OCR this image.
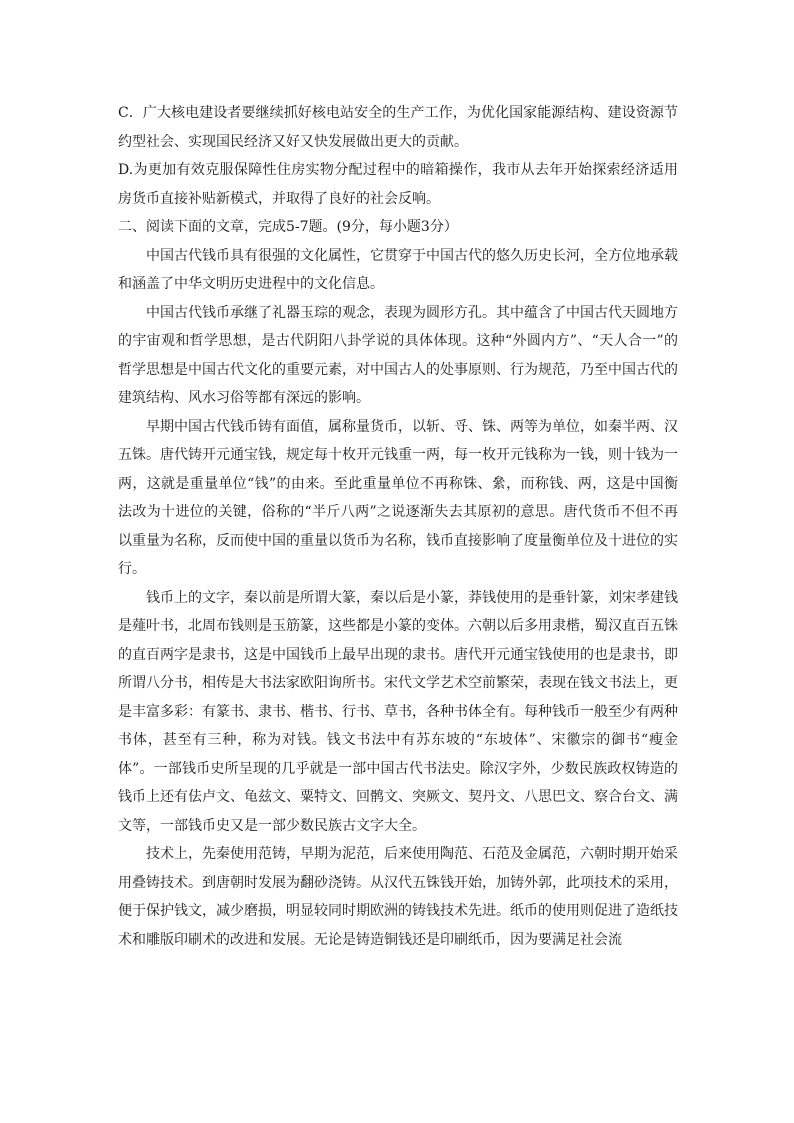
C．广大核电建设者要继续抓好核电站安全的生产工作，为优化国家能源结构、建设资源节约型社会、实现国民经济又好又快发展做出更大的贡献。

D.为更加有效克服保障性住房实物分配过程中的暗箱操作，我市从去年开始探索经济适用房货币直接补贴新模式，并取得了良好的社会反响。

二、阅读下面的文章，完成5-7题。(9分，每小题3分）

中国古代钱币具有很强的文化属性，它贯穿于中国古代的悠久历史长河，全方位地承载和涵盖了中华文明历史进程中的文化信息。

中国古代钱币承继了礼器玉琮的观念，表现为圆形方孔。其中蕴含了中国古代天圆地方的宇宙观和哲学思想，是古代阴阳八卦学说的具体体现。这种“外圆内方”、“天人合一”的哲学思想是中国古代文化的重要元素，对中国古人的处事原则、行为规范，乃至中国古代的建筑结构、风水习俗等都有深远的影响。

早期中国古代钱币铸有面值，属称量货币，以斩、寽、铢、两等为单位，如秦半两、汉五铢。唐代铸开元通宝钱，规定每十枚开元钱重一两，每一枚开元钱称为一钱，则十钱为一两，这就是重量单位“钱”的由来。至此重量单位不再称铢、絫，而称钱、两，这是中国衡法改为十进位的关键，俗称的“半斤八两”之说逐渐失去其原初的意思。唐代货币不但不再以重量为名称，反而使中国的重量以货币为名称，钱币直接影响了度量衡单位及十进位的实行。

钱币上的文字，秦以前是所谓大篆，秦以后是小篆，莽钱使用的是垂针篆，刘宋孝建钱是薤叶书，北周布钱则是玉筋篆，这些都是小篆的变体。六朝以后多用隶楷，蜀汉直百五铢的直百两字是隶书，这是中国钱币上最早出现的隶书。唐代开元通宝钱使用的也是隶书，即所谓八分书，相传是大书法家欧阳询所书。宋代文学艺术空前繁荣，表现在钱文书法上，更是丰富多彩：有篆书、隶书、楷书、行书、草书，各种书体全有。每种钱币一般至少有两种书体，甚至有三种，称为对钱。钱文书法中有苏东坡的“东坡体”、宋徽宗的御书“瘦金体”。一部钱币史所呈现的几乎就是一部中国古代书法史。除汉字外，少数民族政权铸造的钱币上还有佉卢文、龟兹文、粟特文、回鹘文、突厥文、契丹文、八思巴文、察合台文、满文等，一部钱币史又是一部少数民族古文字大全。

技术上，先秦使用范铸，早期为泥范，后来使用陶范、石范及金属范，六朝时期开始采用叠铸技术。到唐朝时发展为翻砂浇铸。从汉代五铢钱开始，加铸外郭，此项技术的采用，便于保护钱文，减少磨损，明显较同时期欧洲的铸钱技术先进。纸币的使用则促进了造纸技术和雕版印刷术的改进和发展。无论是铸造铜钱还是印刷纸币，因为要满足社会流
